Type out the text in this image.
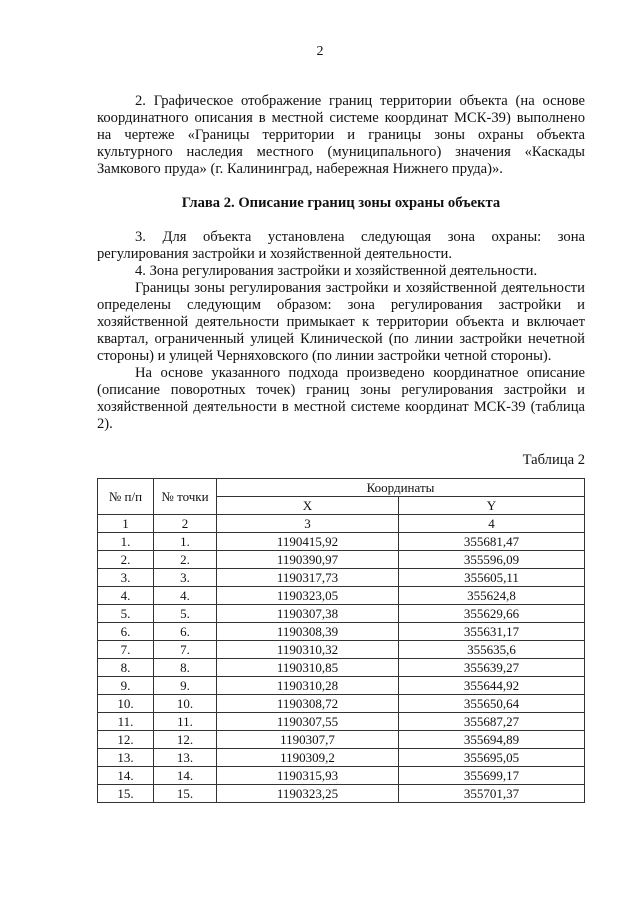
2

2. Графическое отображение границ территории объекта (на основе координатного описания в местной системе координат МСК-39) выполнено на чертеже «Границы территории и границы зоны охраны объекта культурного наследия местного (муниципального) значения «Каскады Замкового пруда» (г. Калининград, набережная Нижнего пруда)».

Глава 2. Описание границ зоны охраны объекта

3. Для объекта установлена следующая зона охраны: зона регулирования застройки и хозяйственной деятельности.

4. Зона регулирования застройки и хозяйственной деятельности.

Границы зоны регулирования застройки и хозяйственной деятельности определены следующим образом: зона регулирования застройки и хозяйственной деятельности примыкает к территории объекта и включает квартал, ограниченный улицей Клинической (по линии застройки нечетной стороны) и улицей Черняховского (по линии застройки четной стороны).

На основе указанного подхода произведено координатное описание (описание поворотных точек) границ зоны регулирования застройки и хозяйственной деятельности в местной системе координат МСК-39 (таблица 2).

Таблица 2
№ п/п	№ точки	Координаты	
		X	Y
1	2	3	4
1.	1.	1190415,92	355681,47
2.	2.	1190390,97	355596,09
3.	3.	1190317,73	355605,11
4.	4.	1190323,05	355624,8
5.	5.	1190307,38	355629,66
6.	6.	1190308,39	355631,17
7.	7.	1190310,32	355635,6
8.	8.	1190310,85	355639,27
9.	9.	1190310,28	355644,92
10.	10.	1190308,72	355650,64
11.	11.	1190307,55	355687,27
12.	12.	1190307,7	355694,89
13.	13.	1190309,2	355695,05
14.	14.	1190315,93	355699,17
15.	15.	1190323,25	355701,37
